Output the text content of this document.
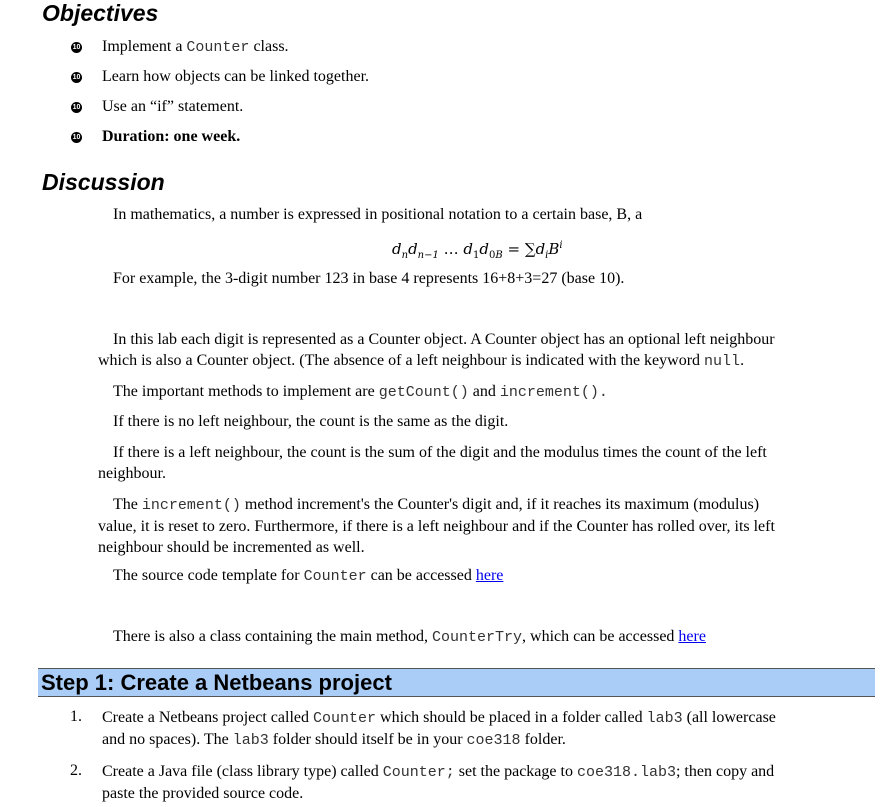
Objectives
10 Implement a Counter class.
10 Learn how objects can be linked together.
10 Use an “if” statement.
10 Duration: one week.
Discussion
In mathematics, a number is expressed in positional notation to a certain base, B, a
$d_nd_{n-1}$ … $d_1d_{0B} = \sum d_iB^i$
For example, the 3-digit number 123 in base 4 represents 16+8+3=27 (base 10).
In this lab each digit is represented as a Counter object. A Counter object has an optional left neighbour
which is also a Counter object. (The absence of a left neighbour is indicated with the keyword null.
The important methods to implement are getCount() and increment().
If there is no left neighbour, the count is the same as the digit.
If there is a left neighbour, the count is the sum of the digit and the modulus times the count of the left
neighbour.
The increment() method increment's the Counter's digit and, if it reaches its maximum (modulus)
value, it is reset to zero. Furthermore, if there is a left neighbour and if the Counter has rolled over, its left
neighbour should be incremented as well.
The source code template for Counter can be accessed here
There is also a class containing the main method, CounterTry, which can be accessed here
Step 1: Create a Netbeans project
1. Create a Netbeans project called Counter which should be placed in a folder called lab3 (all lowercase
and no spaces). The lab3 folder should itself be in your coe318 folder.
2. Create a Java file (class library type) called Counter; set the package to coe318.lab3; then copy and
paste the provided source code.
